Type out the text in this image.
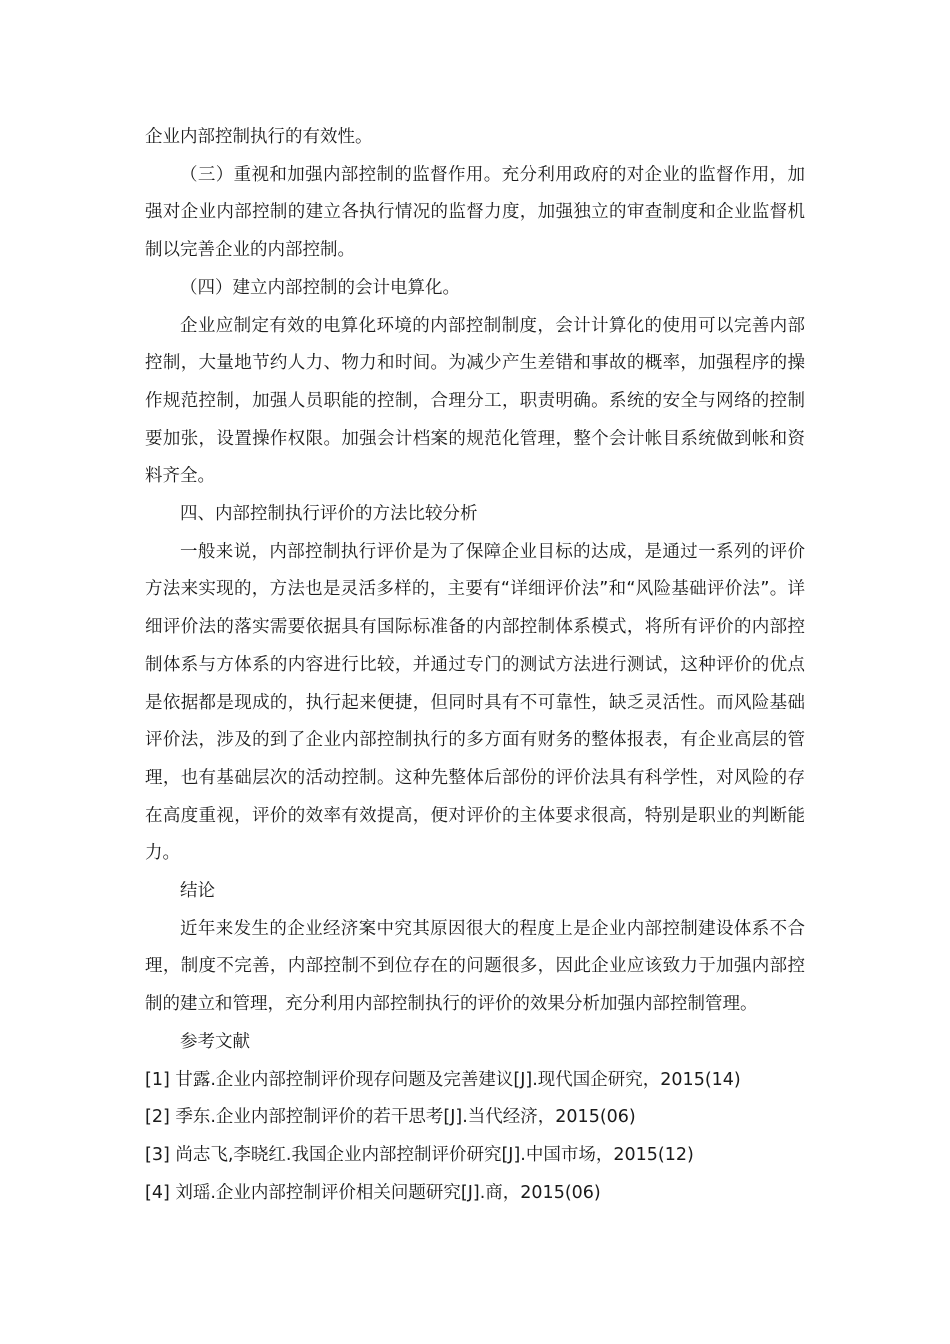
企业内部控制执行的有效性。

（三）重视和加强内部控制的监督作用。充分利用政府的对企业的监督作用，加强对企业内部控制的建立各执行情况的监督力度，加强独立的审查制度和企业监督机制以完善企业的内部控制。

（四）建立内部控制的会计电算化。

企业应制定有效的电算化环境的内部控制制度，会计计算化的使用可以完善内部控制，大量地节约人力、物力和时间。为减少产生差错和事故的概率，加强程序的操作规范控制，加强人员职能的控制，合理分工，职责明确。系统的安全与网络的控制要加张，设置操作权限。加强会计档案的规范化管理，整个会计帐目系统做到帐和资料齐全。

四、内部控制执行评价的方法比较分析

一般来说，内部控制执行评价是为了保障企业目标的达成，是通过一系列的评价方法来实现的，方法也是灵活多样的，主要有“详细评价法”和“风险基础评价法”。详细评价法的落实需要依据具有国际标准备的内部控制体系模式，将所有评价的内部控制体系与方体系的内容进行比较，并通过专门的测试方法进行测试，这种评价的优点是依据都是现成的，执行起来便捷，但同时具有不可靠性，缺乏灵活性。而风险基础评价法，涉及的到了企业内部控制执行的多方面有财务的整体报表，有企业高层的管理，也有基础层次的活动控制。这种先整体后部份的评价法具有科学性，对风险的存在高度重视，评价的效率有效提高，便对评价的主体要求很高，特别是职业的判断能力。

结论

近年来发生的企业经济案中究其原因很大的程度上是企业内部控制建设体系不合理，制度不完善，内部控制不到位存在的问题很多，因此企业应该致力于加强内部控制的建立和管理，充分利用内部控制执行的评价的效果分析加强内部控制管理。

参考文献

[1] 甘露.企业内部控制评价现存问题及完善建议[J].现代国企研究，2015(14)
[2] 季东.企业内部控制评价的若干思考[J].当代经济，2015(06)
[3] 尚志飞,李晓红.我国企业内部控制评价研究[J].中国市场，2015(12)
[4] 刘瑶.企业内部控制评价相关问题研究[J].商，2015(06)
